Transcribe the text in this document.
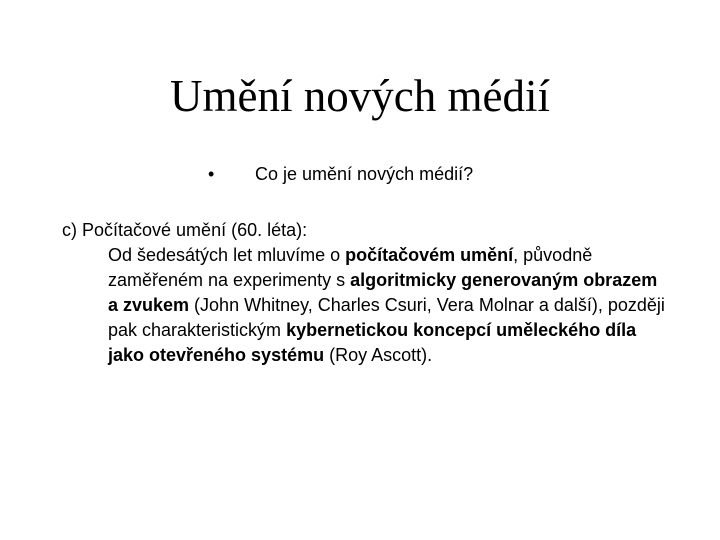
Umění nových médií
• Co je umění nových médií?

c) Počítačové umění (60. léta):

Od šedesátých let mluvíme o počítačovém umění, původně zaměřeném na experimenty s algoritmicky generovaným obrazem a zvukem (John Whitney, Charles Csuri, Vera Molnar a další), později pak charakteristickým kybernetickou koncepcí uměleckého díla jako otevřeného systému (Roy Ascott).
